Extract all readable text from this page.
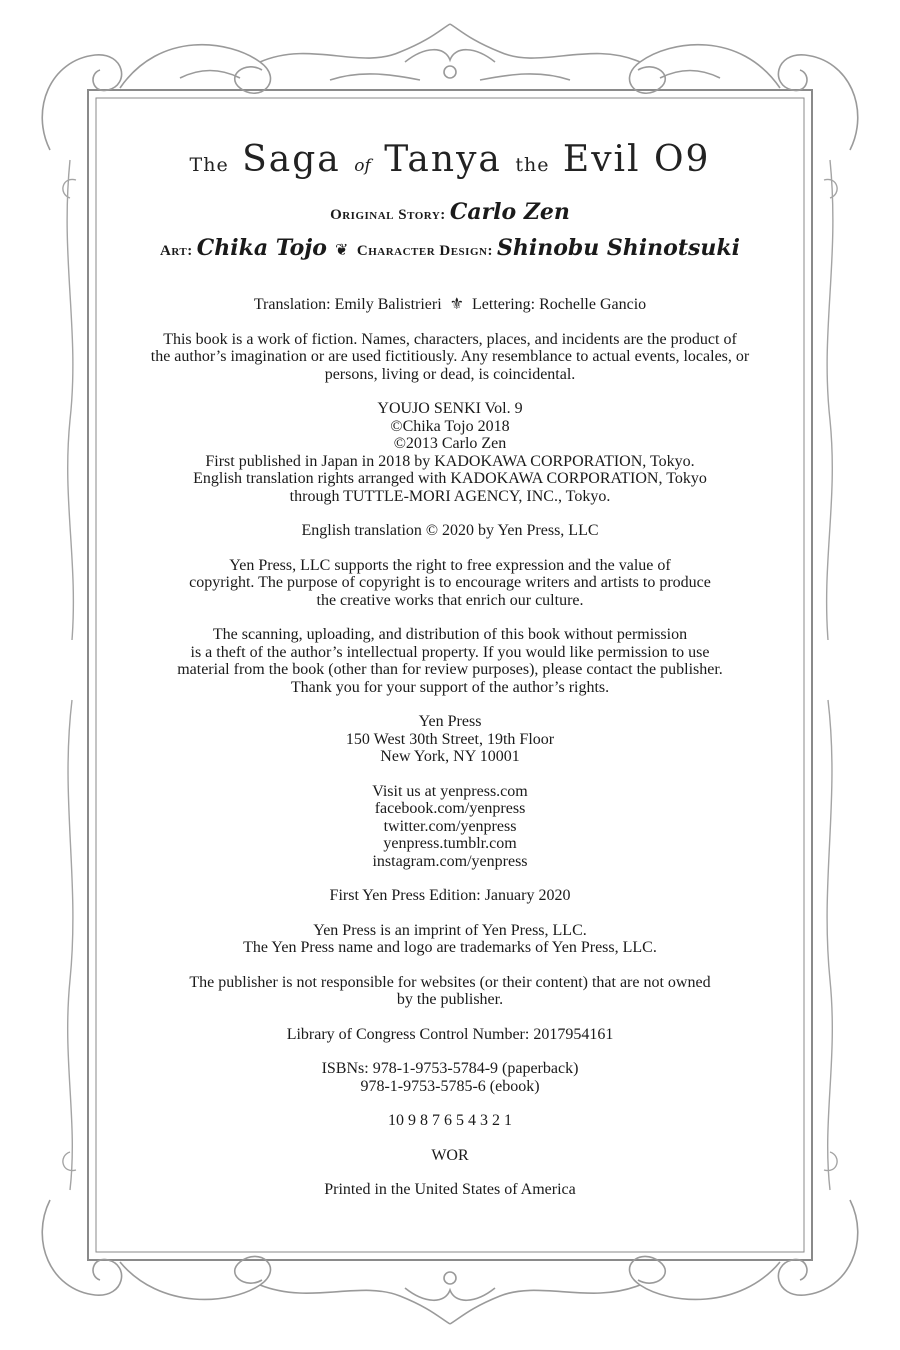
The Saga of Tanya the Evil O9
Original Story: Carlo Zen
Art: Chika Tojo ❦ Character Design: Shinobu Shinotsuki
Translation: Emily Balistrieri ⚜ Lettering: Rochelle Gancio
This book is a work of fiction. Names, characters, places, and incidents are the product of
the author’s imagination or are used fictitiously. Any resemblance to actual events, locales, or
persons, living or dead, is coincidental.
YOUJO SENKI Vol. 9
©Chika Tojo 2018
©2013 Carlo Zen
First published in Japan in 2018 by KADOKAWA CORPORATION, Tokyo.
English translation rights arranged with KADOKAWA CORPORATION, Tokyo
through TUTTLE-MORI AGENCY, INC., Tokyo.
English translation © 2020 by Yen Press, LLC
Yen Press, LLC supports the right to free expression and the value of
copyright. The purpose of copyright is to encourage writers and artists to produce
the creative works that enrich our culture.
The scanning, uploading, and distribution of this book without permission
is a theft of the author’s intellectual property. If you would like permission to use
material from the book (other than for review purposes), please contact the publisher.
Thank you for your support of the author’s rights.
Yen Press
150 West 30th Street, 19th Floor
New York, NY 10001
Visit us at yenpress.com
facebook.com/yenpress
twitter.com/yenpress
yenpress.tumblr.com
instagram.com/yenpress
First Yen Press Edition: January 2020
Yen Press is an imprint of Yen Press, LLC.
The Yen Press name and logo are trademarks of Yen Press, LLC.
The publisher is not responsible for websites (or their content) that are not owned
by the publisher.
Library of Congress Control Number: 2017954161
ISBNs: 978-1-9753-5784-9 (paperback)
978-1-9753-5785-6 (ebook)
10 9 8 7 6 5 4 3 2 1
WOR
Printed in the United States of America
